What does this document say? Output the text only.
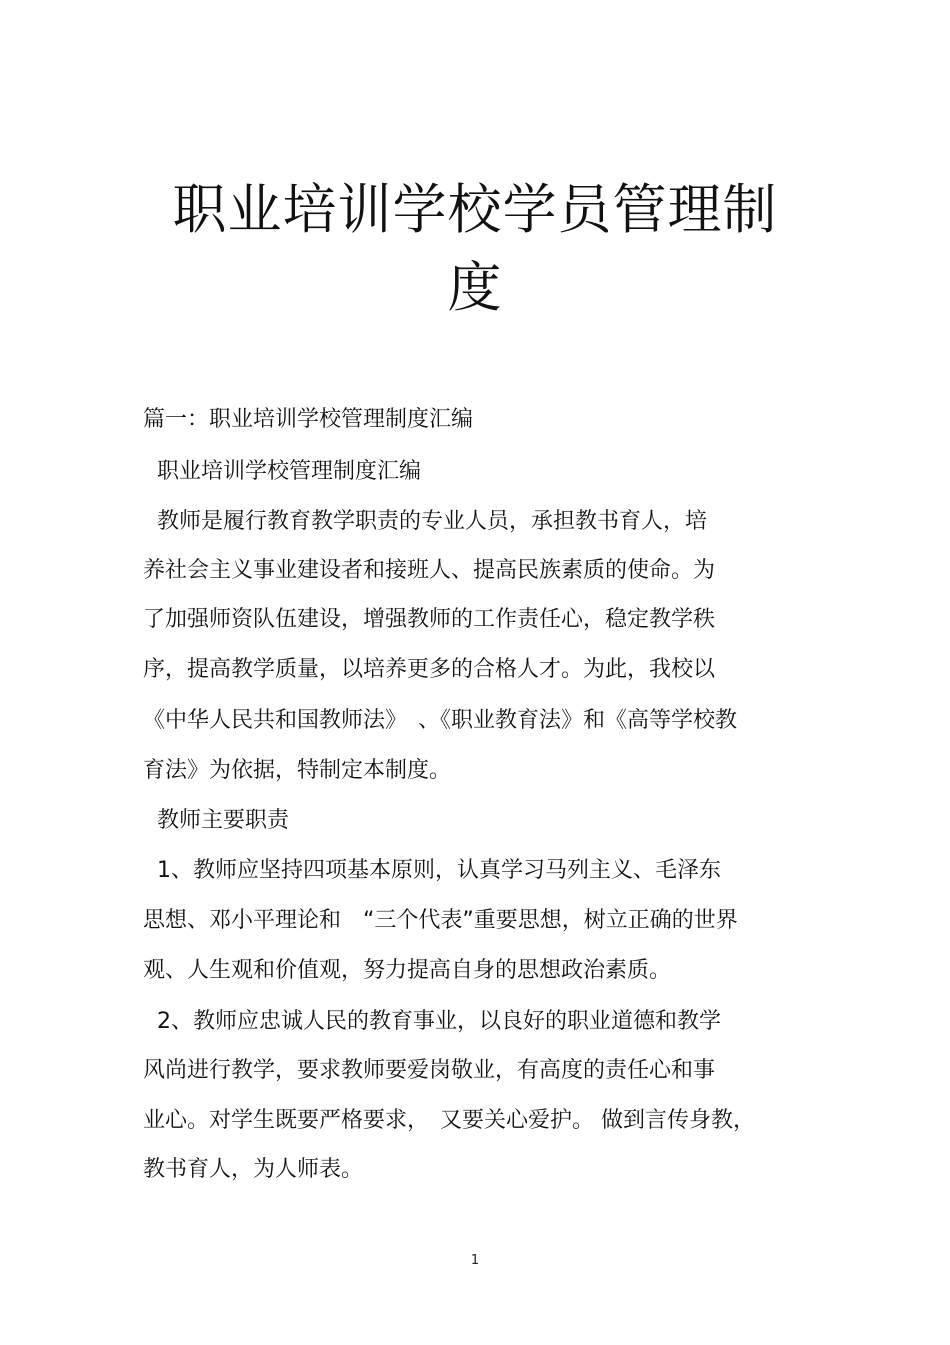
职业培训学校学员管理制
度
篇一：职业培训学校管理制度汇编
职业培训学校管理制度汇编
教师是履行教育教学职责的专业人员，承担教书育人，培
养社会主义事业建设者和接班人、提高民族素质的使命。为
了加强师资队伍建设，增强教师的工作责任心，稳定教学秩
序，提高教学质量，以培养更多的合格人才。为此，我校以
《中华人民共和国教师法》　、《职业教育法》和《高等学校教
育法》为依据，特制定本制度。
教师主要职责
1、教师应坚持四项基本原则，认真学习马列主义、毛泽东
思想、邓小平理论和　“三个代表”重要思想，树立正确的世界
观、人生观和价值观，努力提高自身的思想政治素质。
2、教师应忠诚人民的教育事业，以良好的职业道德和教学
风尚进行教学，要求教师要爱岗敬业，有高度的责任心和事
业心。对学生既要严格要求，　又要关心爱护。 做到言传身教，
教书育人，为人师表。
1
